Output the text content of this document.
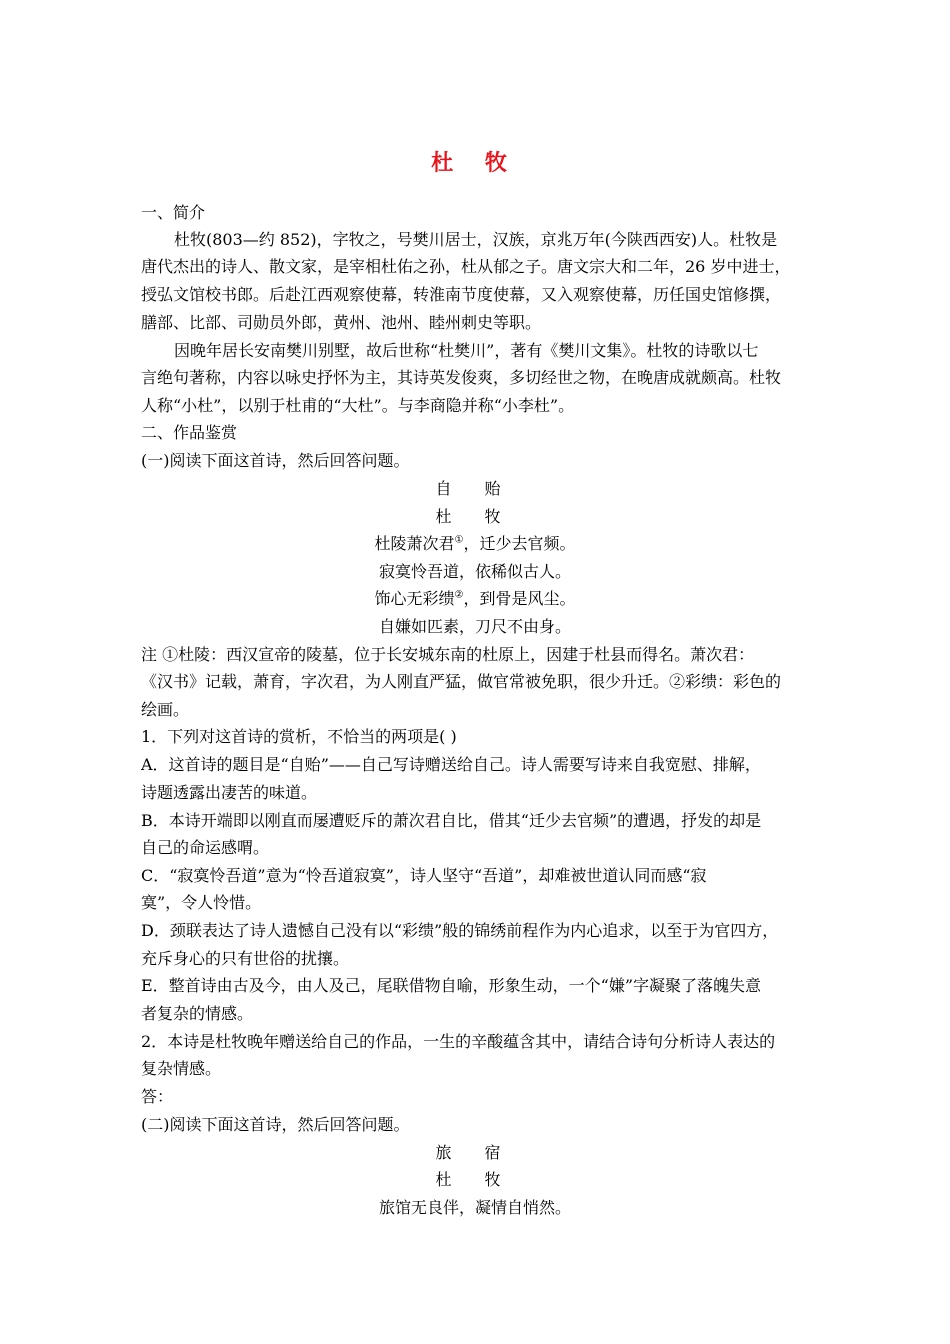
杜 牧
一、简介
杜牧(803—约 852)，字牧之，号樊川居士，汉族，京兆万年(今陕西西安)人。杜牧是
唐代杰出的诗人、散文家，是宰相杜佑之孙，杜从郁之子。唐文宗大和二年，26 岁中进士，
授弘文馆校书郎。后赴江西观察使幕，转淮南节度使幕，又入观察使幕，历任国史馆修撰，
膳部、比部、司勋员外郎，黄州、池州、睦州刺史等职。
因晚年居长安南樊川别墅，故后世称“杜樊川”，著有《樊川文集》。杜牧的诗歌以七
言绝句著称，内容以咏史抒怀为主，其诗英发俊爽，多切经世之物，在晚唐成就颇高。杜牧
人称“小杜”，以别于杜甫的“大杜”。与李商隐并称“小李杜”。
二、作品鉴赏
(一)阅读下面这首诗，然后回答问题。
自 贻
杜 牧
杜陵萧次君①，迁少去官频。
寂寞怜吾道，依稀似古人。
饰心无彩缋②，到骨是风尘。
自嫌如匹素，刀尺不由身。
注 ①杜陵：西汉宣帝的陵墓，位于长安城东南的杜原上，因建于杜县而得名。萧次君：
《汉书》记载，萧育，字次君，为人刚直严猛，做官常被免职，很少升迁。②彩缋：彩色的
绘画。
1．下列对这首诗的赏析，不恰当的两项是( )
A．这首诗的题目是“自贻”——自己写诗赠送给自己。诗人需要写诗来自我宽慰、排解，
诗题透露出凄苦的味道。
B．本诗开端即以刚直而屡遭贬斥的萧次君自比，借其“迁少去官频”的遭遇，抒发的却是
自己的命运感喟。
C．“寂寞怜吾道”意为“怜吾道寂寞”，诗人坚守“吾道”，却难被世道认同而感“寂
寞”，令人怜惜。
D．颈联表达了诗人遗憾自己没有以“彩缋”般的锦绣前程作为内心追求，以至于为官四方，
充斥身心的只有世俗的扰攘。
E．整首诗由古及今，由人及己，尾联借物自喻，形象生动，一个“嫌”字凝聚了落魄失意
者复杂的情感。
2．本诗是杜牧晚年赠送给自己的作品，一生的辛酸蕴含其中，请结合诗句分析诗人表达的
复杂情感。
答：
(二)阅读下面这首诗，然后回答问题。
旅 宿
杜 牧
旅馆无良伴，凝情自悄然。
